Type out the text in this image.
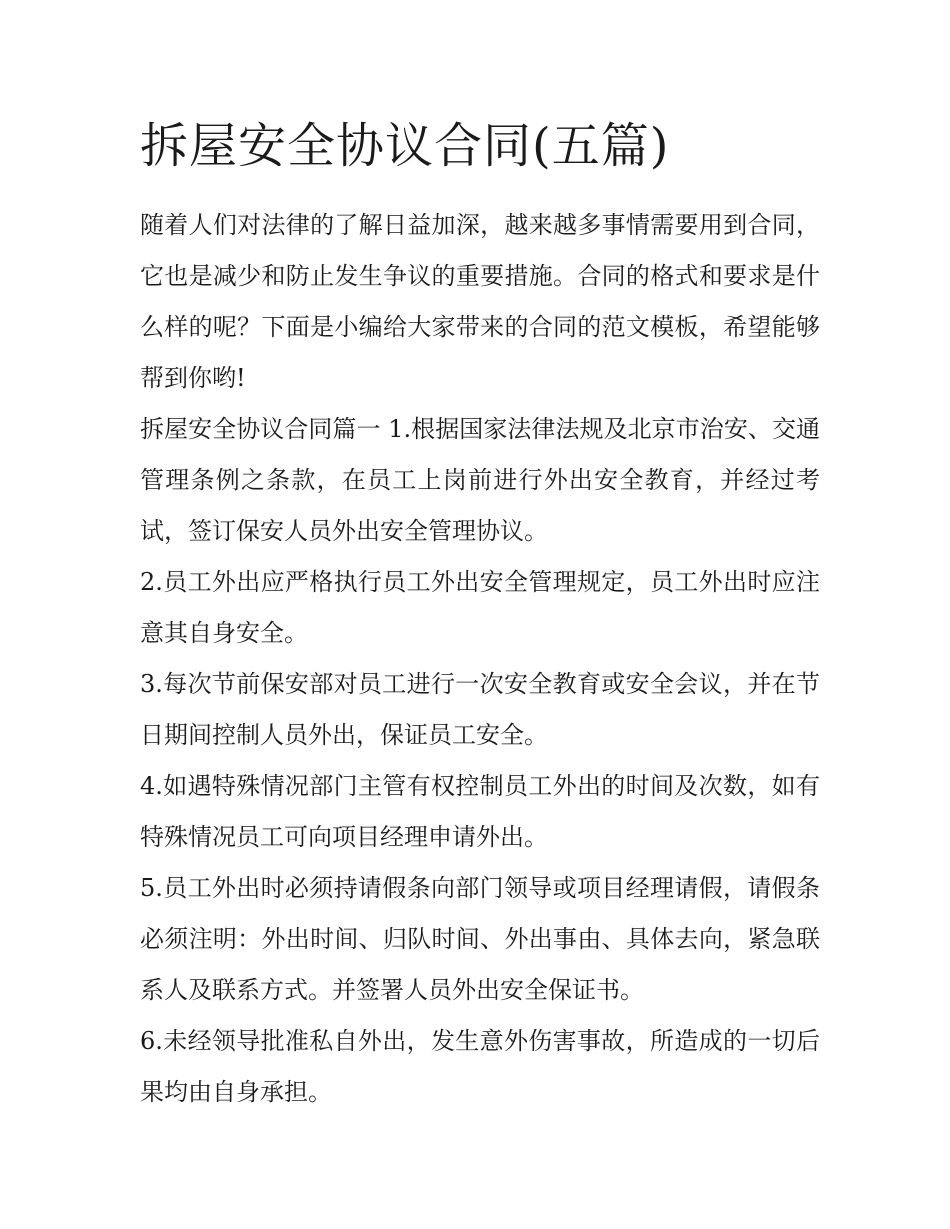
拆屋安全协议合同(五篇)

随着人们对法律的了解日益加深，越来越多事情需要用到合同，它也是减少和防止发生争议的重要措施。合同的格式和要求是什么样的呢？下面是小编给大家带来的合同的范文模板，希望能够帮到你哟!

拆屋安全协议合同篇一 1.根据国家法律法规及北京市治安、交通管理条例之条款，在员工上岗前进行外出安全教育，并经过考试，签订保安人员外出安全管理协议。

2.员工外出应严格执行员工外出安全管理规定，员工外出时应注意其自身安全。

3.每次节前保安部对员工进行一次安全教育或安全会议，并在节日期间控制人员外出，保证员工安全。

4.如遇特殊情况部门主管有权控制员工外出的时间及次数，如有特殊情况员工可向项目经理申请外出。

5.员工外出时必须持请假条向部门领导或项目经理请假，请假条必须注明：外出时间、归队时间、外出事由、具体去向，紧急联系人及联系方式。并签署人员外出安全保证书。

6.未经领导批准私自外出，发生意外伤害事故，所造成的一切后果均由自身承担。
